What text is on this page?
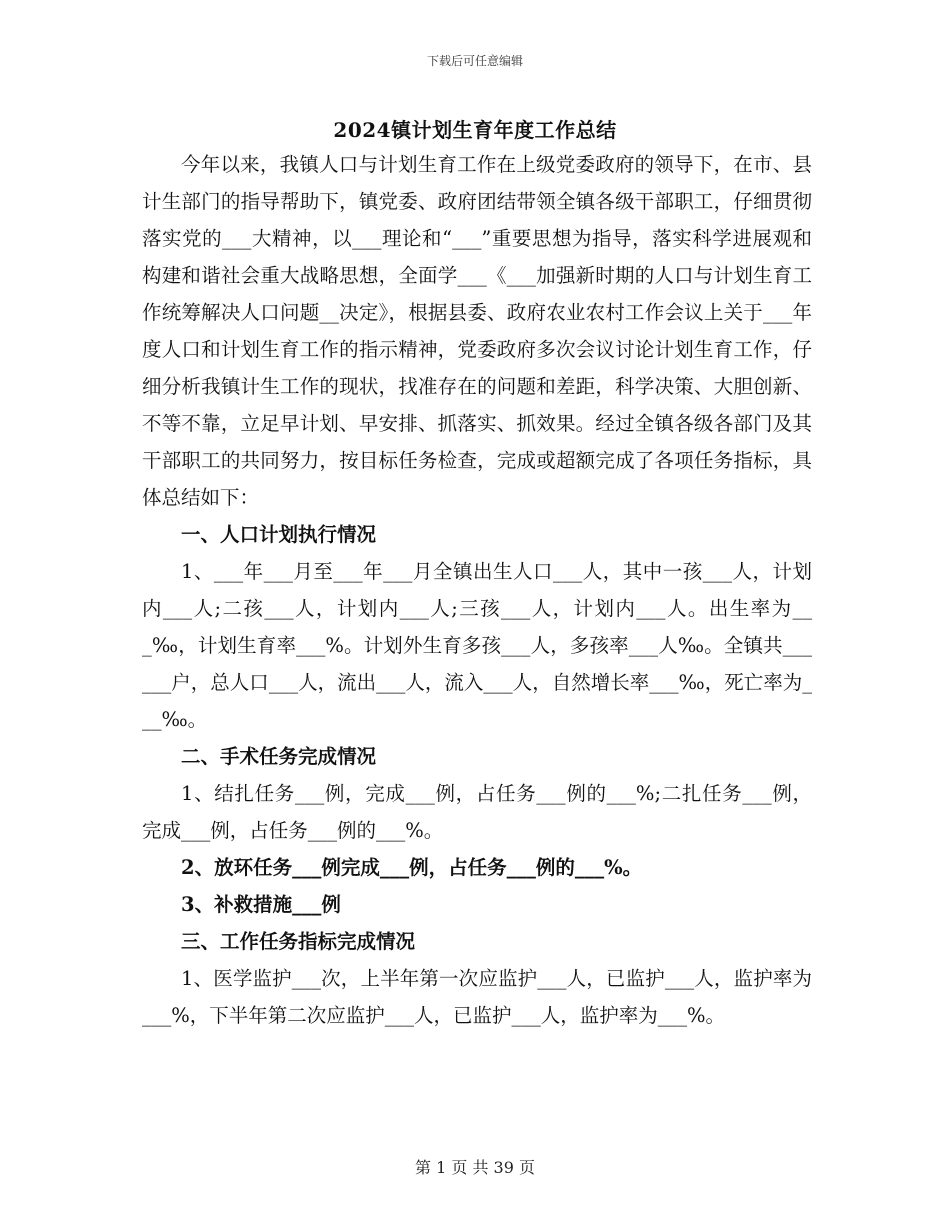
下载后可任意编辑
2024镇计划生育年度工作总结

今年以来，我镇人口与计划生育工作在上级党委政府的领导下，在市、县计生部门的指导帮助下，镇党委、政府团结带领全镇各级干部职工，仔细贯彻落实党的___大精神，以___理论和“___”重要思想为指导，落实科学进展观和构建和谐社会重大战略思想，全面学___《___加强新时期的人口与计划生育工作统筹解决人口问题__决定》，根据县委、政府农业农村工作会议上关于___年度人口和计划生育工作的指示精神，党委政府多次会议讨论计划生育工作，仔细分析我镇计生工作的现状，找准存在的问题和差距，科学决策、大胆创新、不等不靠，立足早计划、早安排、抓落实、抓效果。经过全镇各级各部门及其干部职工的共同努力，按目标任务检查，完成或超额完成了各项任务指标，具体总结如下：

一、人口计划执行情况

1、___年___月至___年___月全镇出生人口___人，其中一孩___人，计划内___人;二孩___人，计划内___人;三孩___人，计划内___人。出生率为___‰，计划生育率___%。计划外生育多孩___人，多孩率___人‰。全镇共______户，总人口___人，流出___人，流入___人，自然增长率___‰，死亡率为___‰。

二、手术任务完成情况

1、结扎任务___例，完成___例，占任务___例的___%;二扎任务___例，完成___例，占任务___例的___%。

2、放环任务___例完成___例，占任务___例的___%。

3、补救措施___例

三、工作任务指标完成情况

1、医学监护___次，上半年第一次应监护___人，已监护___人，监护率为___%，下半年第二次应监护___人，已监护___人，监护率为___%。

第 1 页 共 39 页
